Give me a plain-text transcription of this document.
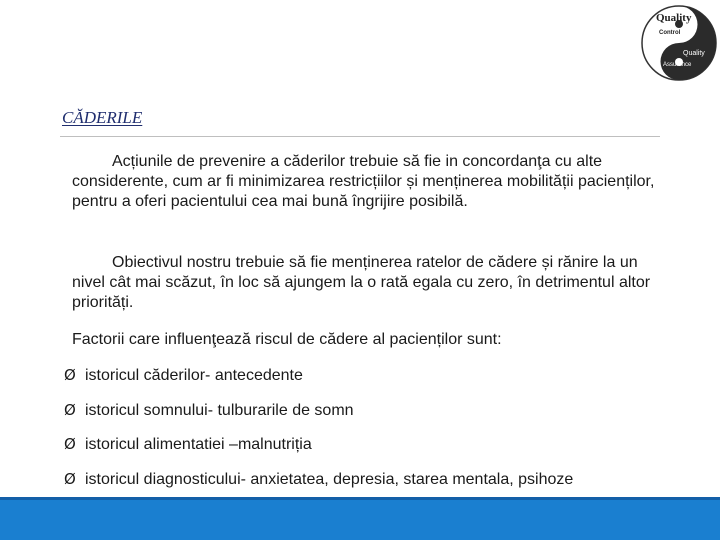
Quality
Control
Quality
Assurance
CĂDERILE

Acțiunile de prevenire a căderilor trebuie să fie in concordanţa cu alte considerente, cum ar fi minimizarea restricțiilor și menținerea mobilității pacienților, pentru a oferi pacientului cea mai bună îngrijire posibilă.

Obiectivul nostru trebuie să fie menținerea ratelor de cădere și rănire la un nivel cât mai scăzut, în loc să ajungem la o rată egala cu zero, în detrimentul altor priorități.

Factorii care influenţează riscul de cădere al pacienților sunt:

Ø istoricul căderilor- antecedente
Ø istoricul somnului- tulburarile de somn
Ø istoricul alimentatiei –malnutriția
Ø istoricul diagnosticului- anxietatea, depresia, starea mentala, psihoze
